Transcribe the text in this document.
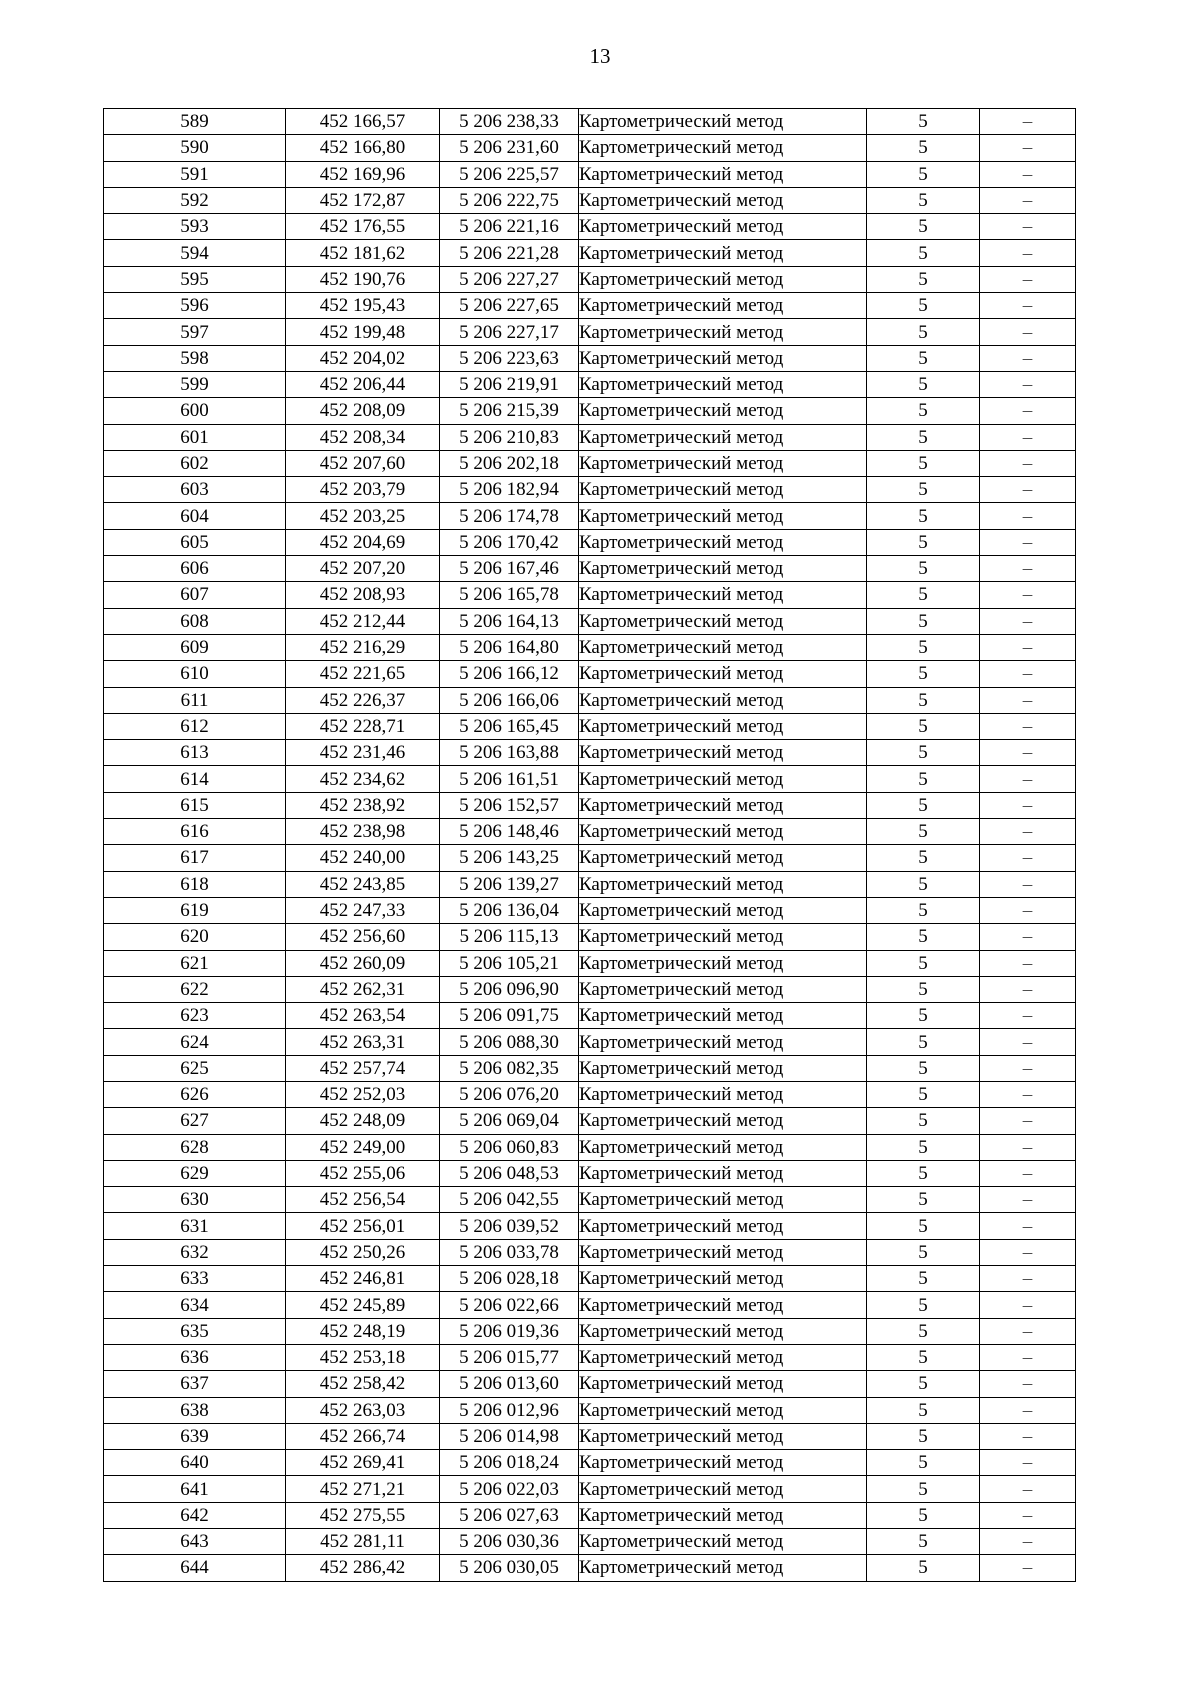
13
589	452 166,57	5 206 238,33	Картометрический метод	5	–
590	452 166,80	5 206 231,60	Картометрический метод	5	–
591	452 169,96	5 206 225,57	Картометрический метод	5	–
592	452 172,87	5 206 222,75	Картометрический метод	5	–
593	452 176,55	5 206 221,16	Картометрический метод	5	–
594	452 181,62	5 206 221,28	Картометрический метод	5	–
595	452 190,76	5 206 227,27	Картометрический метод	5	–
596	452 195,43	5 206 227,65	Картометрический метод	5	–
597	452 199,48	5 206 227,17	Картометрический метод	5	–
598	452 204,02	5 206 223,63	Картометрический метод	5	–
599	452 206,44	5 206 219,91	Картометрический метод	5	–
600	452 208,09	5 206 215,39	Картометрический метод	5	–
601	452 208,34	5 206 210,83	Картометрический метод	5	–
602	452 207,60	5 206 202,18	Картометрический метод	5	–
603	452 203,79	5 206 182,94	Картометрический метод	5	–
604	452 203,25	5 206 174,78	Картометрический метод	5	–
605	452 204,69	5 206 170,42	Картометрический метод	5	–
606	452 207,20	5 206 167,46	Картометрический метод	5	–
607	452 208,93	5 206 165,78	Картометрический метод	5	–
608	452 212,44	5 206 164,13	Картометрический метод	5	–
609	452 216,29	5 206 164,80	Картометрический метод	5	–
610	452 221,65	5 206 166,12	Картометрический метод	5	–
611	452 226,37	5 206 166,06	Картометрический метод	5	–
612	452 228,71	5 206 165,45	Картометрический метод	5	–
613	452 231,46	5 206 163,88	Картометрический метод	5	–
614	452 234,62	5 206 161,51	Картометрический метод	5	–
615	452 238,92	5 206 152,57	Картометрический метод	5	–
616	452 238,98	5 206 148,46	Картометрический метод	5	–
617	452 240,00	5 206 143,25	Картометрический метод	5	–
618	452 243,85	5 206 139,27	Картометрический метод	5	–
619	452 247,33	5 206 136,04	Картометрический метод	5	–
620	452 256,60	5 206 115,13	Картометрический метод	5	–
621	452 260,09	5 206 105,21	Картометрический метод	5	–
622	452 262,31	5 206 096,90	Картометрический метод	5	–
623	452 263,54	5 206 091,75	Картометрический метод	5	–
624	452 263,31	5 206 088,30	Картометрический метод	5	–
625	452 257,74	5 206 082,35	Картометрический метод	5	–
626	452 252,03	5 206 076,20	Картометрический метод	5	–
627	452 248,09	5 206 069,04	Картометрический метод	5	–
628	452 249,00	5 206 060,83	Картометрический метод	5	–
629	452 255,06	5 206 048,53	Картометрический метод	5	–
630	452 256,54	5 206 042,55	Картометрический метод	5	–
631	452 256,01	5 206 039,52	Картометрический метод	5	–
632	452 250,26	5 206 033,78	Картометрический метод	5	–
633	452 246,81	5 206 028,18	Картометрический метод	5	–
634	452 245,89	5 206 022,66	Картометрический метод	5	–
635	452 248,19	5 206 019,36	Картометрический метод	5	–
636	452 253,18	5 206 015,77	Картометрический метод	5	–
637	452 258,42	5 206 013,60	Картометрический метод	5	–
638	452 263,03	5 206 012,96	Картометрический метод	5	–
639	452 266,74	5 206 014,98	Картометрический метод	5	–
640	452 269,41	5 206 018,24	Картометрический метод	5	–
641	452 271,21	5 206 022,03	Картометрический метод	5	–
642	452 275,55	5 206 027,63	Картометрический метод	5	–
643	452 281,11	5 206 030,36	Картометрический метод	5	–
644	452 286,42	5 206 030,05	Картометрический метод	5	–
